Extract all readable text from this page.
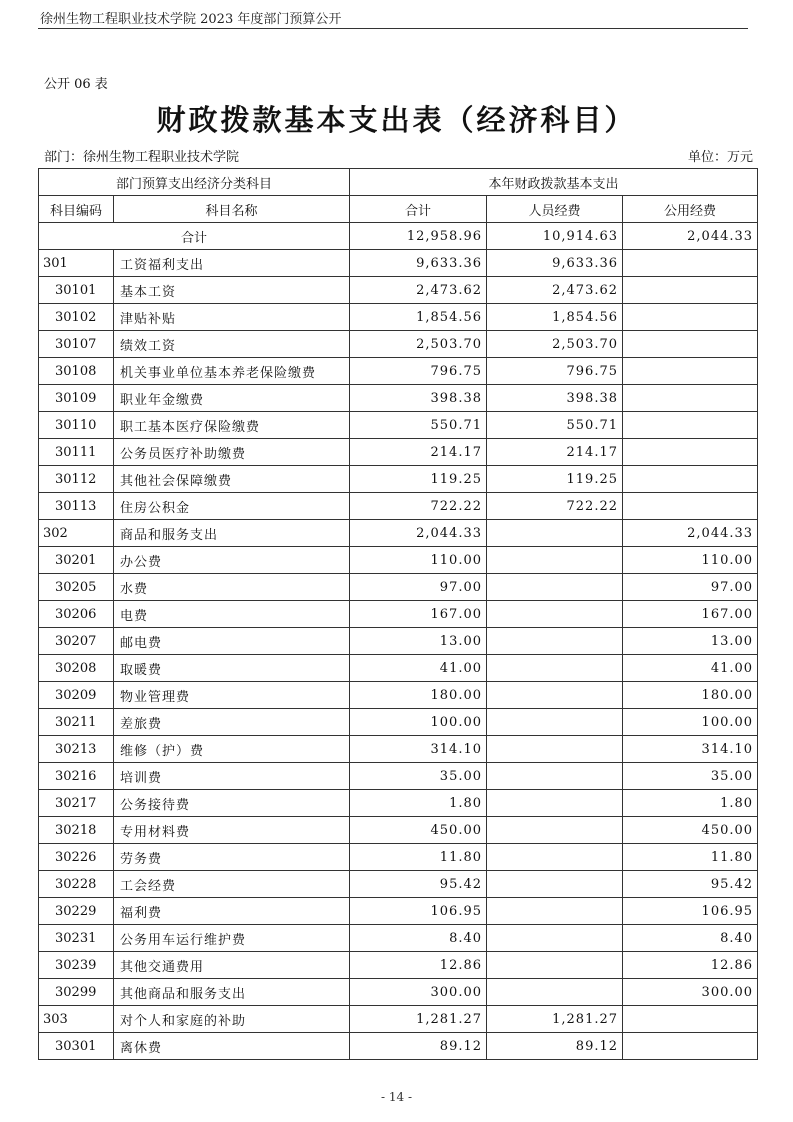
徐州生物工程职业技术学院 2023 年度部门预算公开
公开 06 表
财政拨款基本支出表（经济科目）
部门：徐州生物工程职业技术学院	单位：万元
部门预算支出经济分类科目		本年财政拨款基本支出		
科目编码	科目名称	合计	人员经费	公用经费
合计		12,958.96	10,914.63	2,044.33
301	工资福利支出	9,633.36	9,633.36	
30101	基本工资	2,473.62	2,473.62	
30102	津贴补贴	1,854.56	1,854.56	
30107	绩效工资	2,503.70	2,503.70	
30108	机关事业单位基本养老保险缴费	796.75	796.75	
30109	职业年金缴费	398.38	398.38	
30110	职工基本医疗保险缴费	550.71	550.71	
30111	公务员医疗补助缴费	214.17	214.17	
30112	其他社会保障缴费	119.25	119.25	
30113	住房公积金	722.22	722.22	
302	商品和服务支出	2,044.33		2,044.33
30201	办公费	110.00		110.00
30205	水费	97.00		97.00
30206	电费	167.00		167.00
30207	邮电费	13.00		13.00
30208	取暖费	41.00		41.00
30209	物业管理费	180.00		180.00
30211	差旅费	100.00		100.00
30213	维修（护）费	314.10		314.10
30216	培训费	35.00		35.00
30217	公务接待费	1.80		1.80
30218	专用材料费	450.00		450.00
30226	劳务费	11.80		11.80
30228	工会经费	95.42		95.42
30229	福利费	106.95		106.95
30231	公务用车运行维护费	8.40		8.40
30239	其他交通费用	12.86		12.86
30299	其他商品和服务支出	300.00		300.00
303	对个人和家庭的补助	1,281.27	1,281.27	
30301	离休费	89.12	89.12	
- 14 -
